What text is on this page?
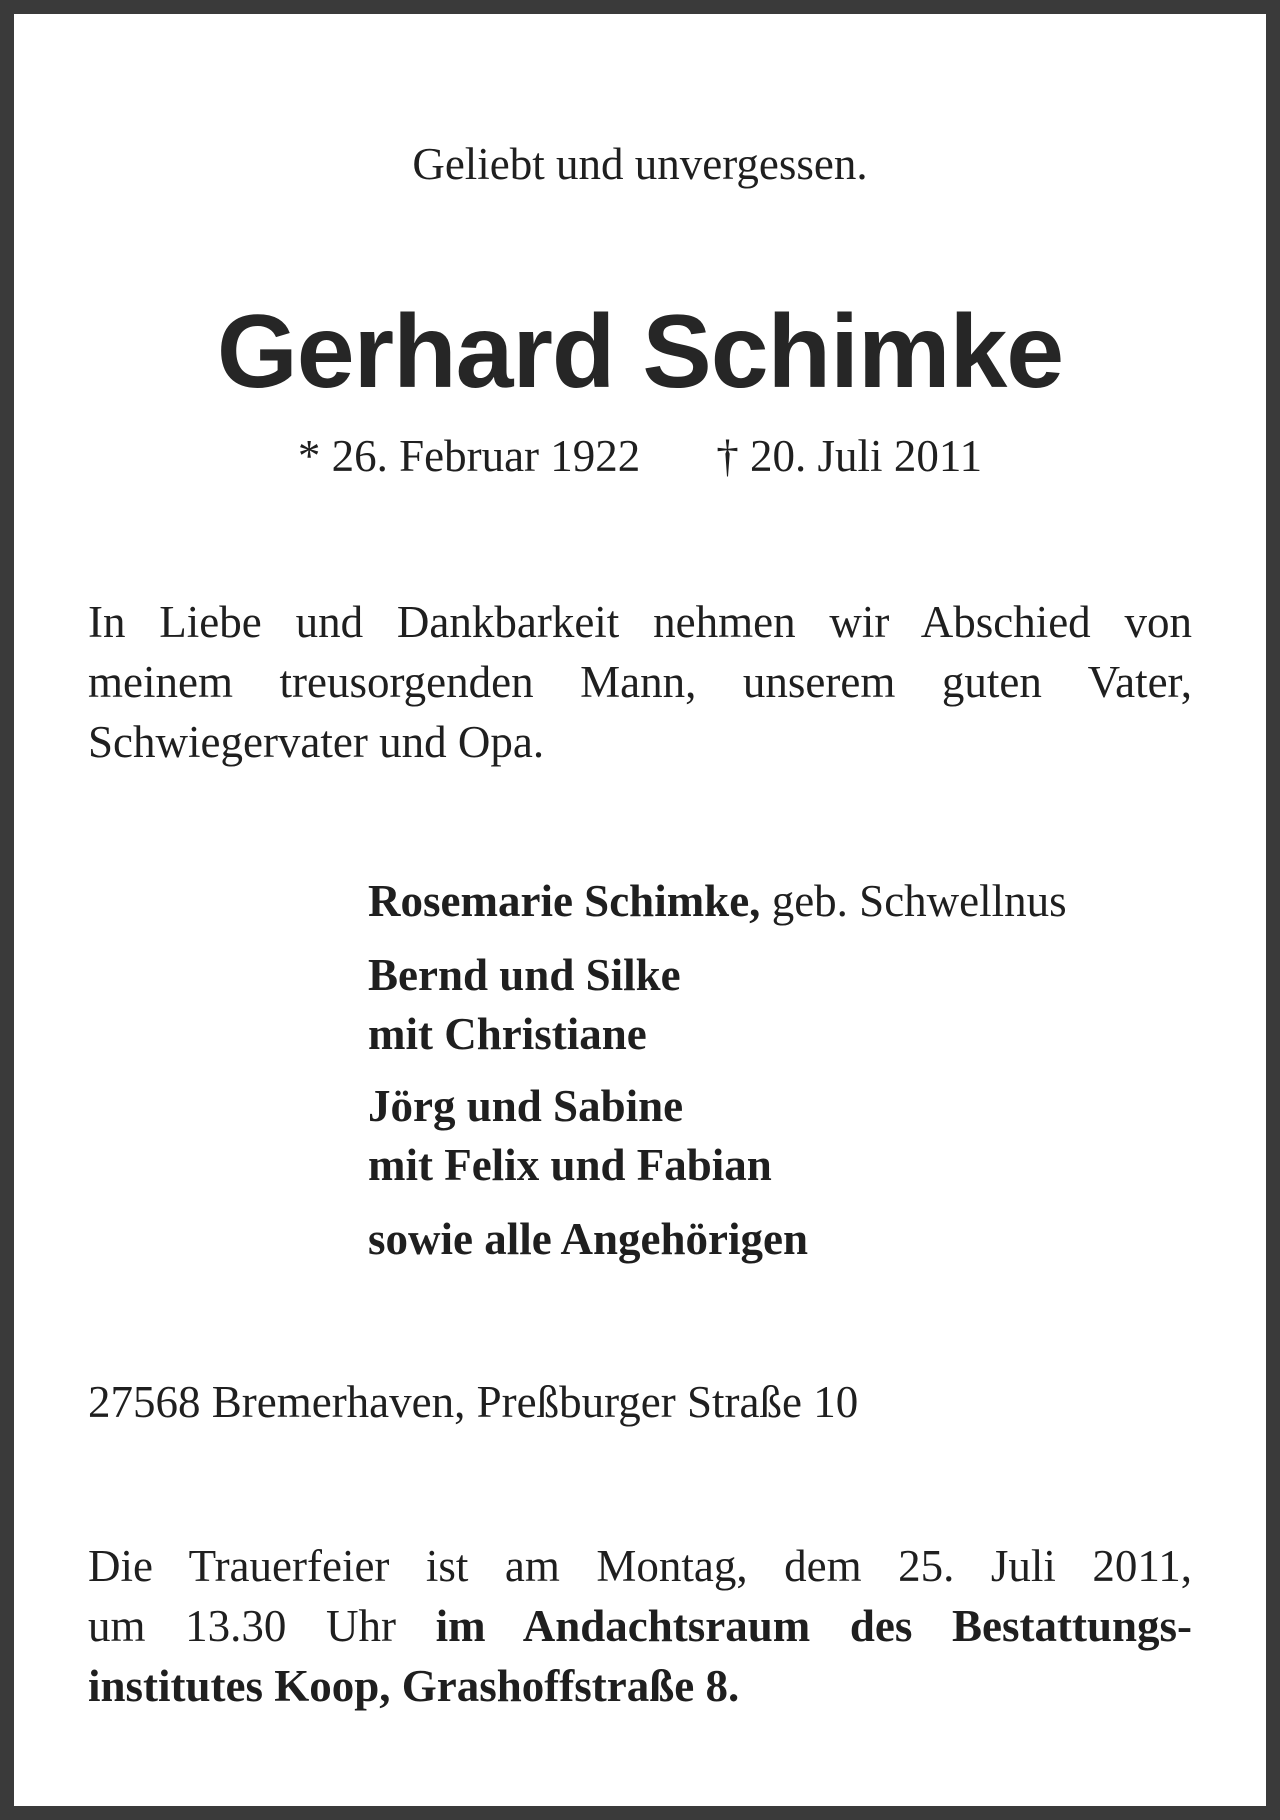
Geliebt und unvergessen.
Gerhard Schimke
* 26. Februar 1922 † 20. Juli 2011
In Liebe und Dankbarkeit nehmen wir Abschied von
meinem treusorgenden Mann, unserem guten Vater,
Schwiegervater und Opa.
Rosemarie Schimke, geb. Schwellnus
Bernd und Silke
mit Christiane
Jörg und Sabine
mit Felix und Fabian
sowie alle Angehörigen
27568 Bremerhaven, Preßburger Straße 10
Die Trauerfeier ist am Montag, dem 25. Juli 2011,
um 13.30 Uhr im Andachtsraum des Bestattungs-
institutes Koop, Grashoffstraße 8.
